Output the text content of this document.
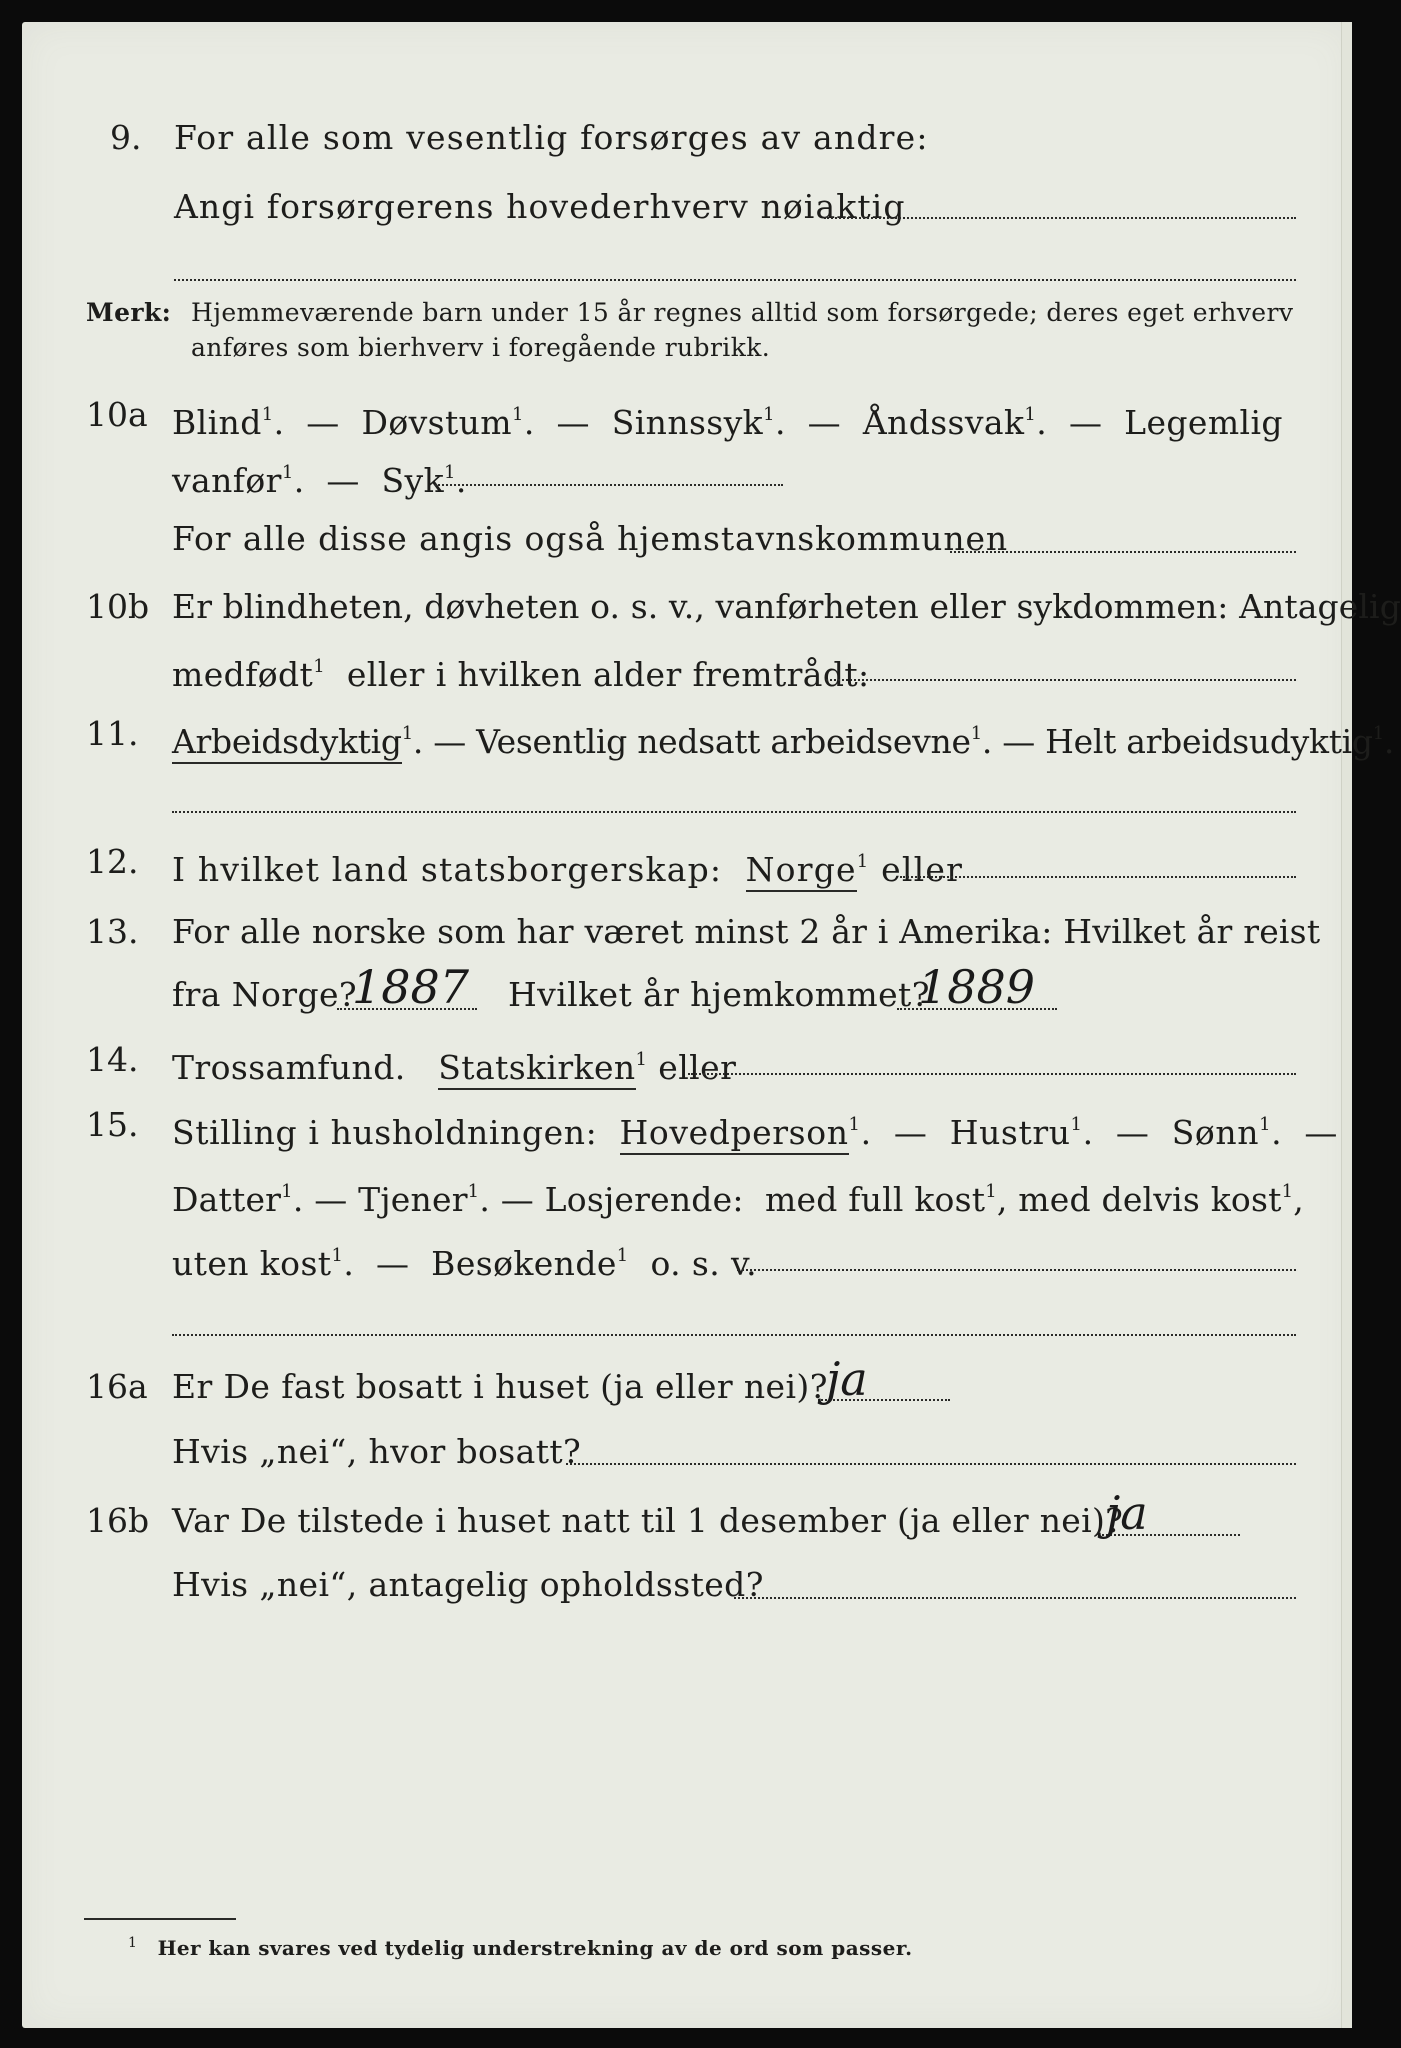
9. For alle som vesentlig forsørges av andre:
Angi forsørgerens hovederhverv nøiaktig
Merk: Hjemmeværende barn under 15 år regnes alltid som forsørgede; deres eget erhverv
anføres som bierhverv i foregående rubrikk.
10a Blind$^1$. — Døvstum$^1$. — Sinnssyk$^1$. — Åndssvak$^1$. — Legemlig
vanfør$^1$. — Syk$^1$.
For alle disse angis også hjemstavnskommunen
10b Er blindheten, døvheten o. s. v., vanførheten eller sykdommen: Antagelig
medfødt$^1$ eller i hvilken alder fremtrådt:
11. Arbeidsdyktig$^1$. — Vesentlig nedsatt arbeidsevne$^1$. — Helt arbeidsudyktig$^1$.
12. I hvilket land statsborgerskap: Norge$^1$ eller
13. For alle norske som har været minst 2 år i Amerika: Hvilket år reist
fra Norge?
1887 Hvilket år hjemkommet?
1889
14. Trossamfund. Statskirken$^1$ eller
15. Stilling i husholdningen: Hovedperson$^1$. — Hustru$^1$. — Sønn$^1$. —
Datter$^1$. — Tjener$^1$. — Losjerende: med full kost$^1$, med delvis kost$^1$,
uten kost$^1$. — Besøkende$^1$ o. s. v.
16a Er De fast bosatt i huset (ja eller nei)?
ja
Hvis „nei“, hvor bosatt?
16b Var De tilstede i huset natt til 1 desember (ja eller nei)?
ja
Hvis „nei“, antagelig opholdssted?
$^1$ Her kan svares ved tydelig understrekning av de ord som passer.
